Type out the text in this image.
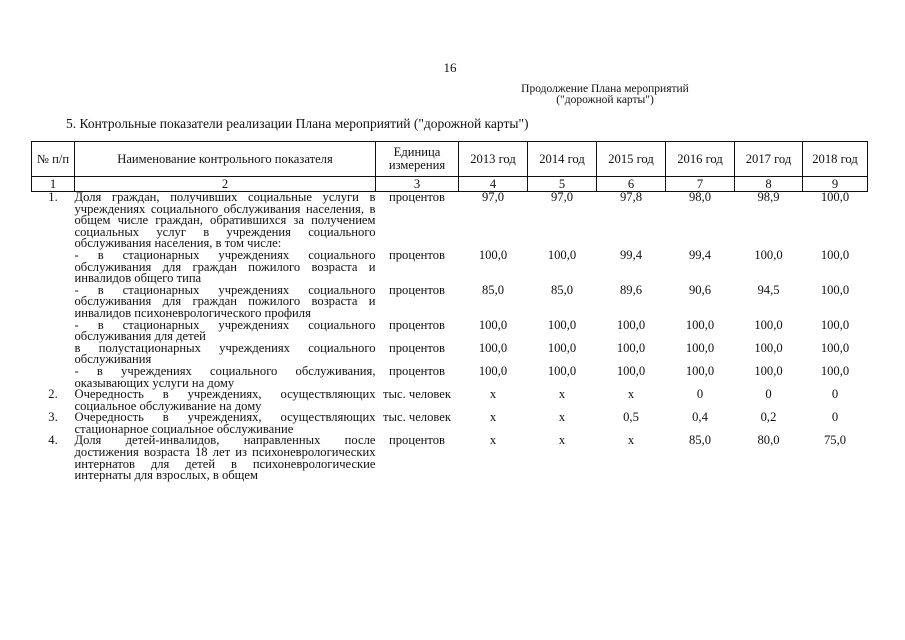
16
Продолжение Плана мероприятий
("дорожной карты")
5. Контрольные показатели реализации Плана мероприятий ("дорожной карты")
№ п/п	Наименование контрольного показателя	Единица измерения	2013 год	2014 год	2015 год	2016 год	2017 год	2018 год
1	2	3	4	5	6	7	8	9
1.	Доля граждан, получивших социальные услуги в учреждениях социального обслуживания населения, в общем числе граждан, обратившихся за получением социальных услуг в учреждения социального обслуживания населения, в том числе:	процентов	97,0	97,0	97,8	98,0	98,9	100,0
	- в стационарных учреждениях социального обслуживания для граждан пожилого возраста и инвалидов общего типа	процентов	100,0	100,0	99,4	99,4	100,0	100,0
	- в стационарных учреждениях социального обслуживания для граждан пожилого возраста и инвалидов психоневрологического профиля	процентов	85,0	85,0	89,6	90,6	94,5	100,0
	- в стационарных учреждениях социального обслуживания для детей	процентов	100,0	100,0	100,0	100,0	100,0	100,0
	в полустационарных учреждениях социального обслуживания	процентов	100,0	100,0	100,0	100,0	100,0	100,0
	- в учреждениях социального обслуживания, оказывающих услуги на дому	процентов	100,0	100,0	100,0	100,0	100,0	100,0
2.	Очередность в учреждениях, осуществляющих социальное обслуживание на дому	тыс. человек	х	х	х	0	0	0
3.	Очередность в учреждениях, осуществляющих стационарное социальное обслуживание	тыс. человек	х	х	0,5	0,4	0,2	0
4.	Доля детей-инвалидов, направленных после достижения возраста 18 лет из психоневрологических интернатов для детей в психоневрологические интернаты для взрослых, в общем	процентов	х	х	х	85,0	80,0	75,0
